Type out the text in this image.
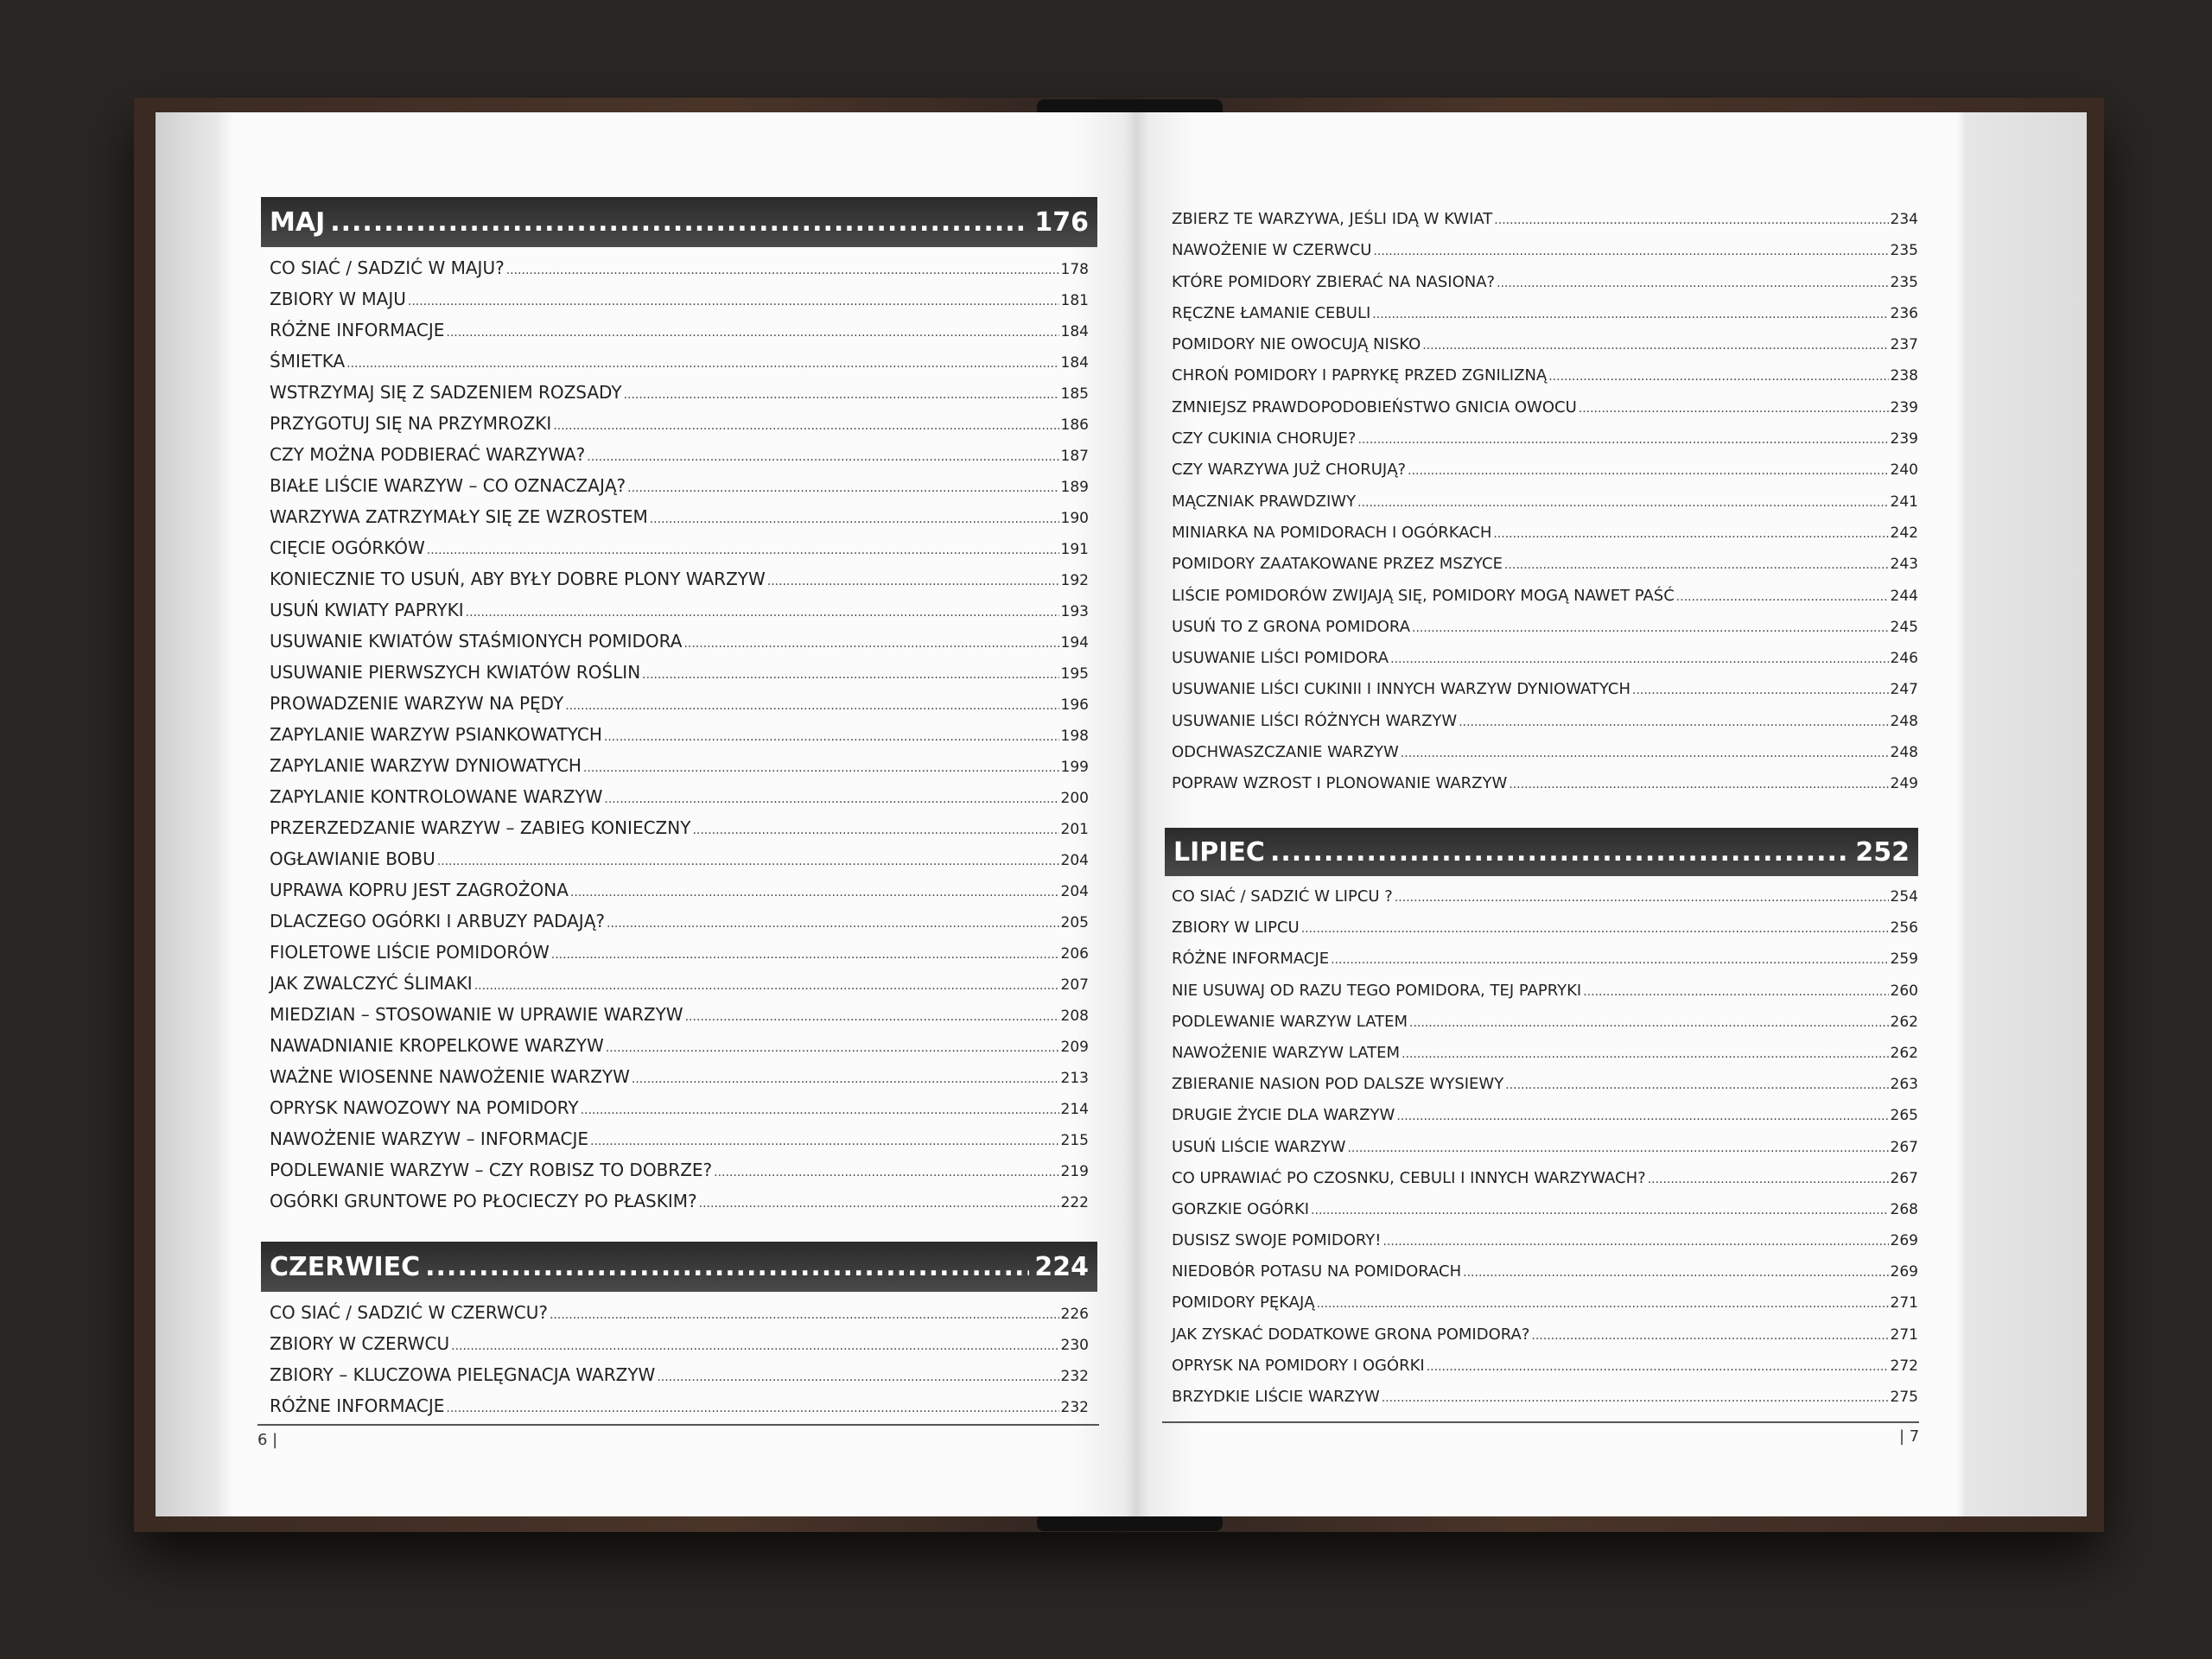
MAJ .....	176
CO SIAĆ / SADZIĆ W MAJU? .....	178
ZBIORY W MAJU .....	181
RÓŻNE INFORMACJE .....	184
ŚMIETKA .....	184
WSTRZYMAJ SIĘ Z SADZENIEM ROZSADY .....	185
PRZYGOTUJ SIĘ NA PRZYMROZKI .....	186
CZY MOŻNA PODBIERAĆ WARZYWA? .....	187
BIAŁE LIŚCIE WARZYW – CO OZNACZAJĄ? .....	189
WARZYWA ZATRZYMAŁY SIĘ ZE WZROSTEM .....	190
CIĘCIE OGÓRKÓW .....	191
KONIECZNIE TO USUŃ, ABY BYŁY DOBRE PLONY WARZYW .....	192
USUŃ KWIATY PAPRYKI .....	193
USUWANIE KWIATÓW STAŚMIONYCH POMIDORA .....	194
USUWANIE PIERWSZYCH KWIATÓW ROŚLIN .....	195
PROWADZENIE WARZYW NA PĘDY .....	196
ZAPYLANIE WARZYW PSIANKOWATYCH .....	198
ZAPYLANIE WARZYW DYNIOWATYCH .....	199
ZAPYLANIE KONTROLOWANE WARZYW .....	200
PRZERZEDZANIE WARZYW – ZABIEG KONIECZNY .....	201
OGŁAWIANIE BOBU .....	204
UPRAWA KOPRU JEST ZAGROŻONA .....	204
DLACZEGO OGÓRKI I ARBUZY PADAJĄ? .....	205
FIOLETOWE LIŚCIE POMIDORÓW .....	206
JAK ZWALCZYĆ ŚLIMAKI .....	207
MIEDZIAN – STOSOWANIE W UPRAWIE WARZYW .....	208
NAWADNIANIE KROPELKOWE WARZYW .....	209
WAŻNE WIOSENNE NAWOŻENIE WARZYW .....	213
OPRYSK NAWOZOWY NA POMIDORY .....	214
NAWOŻENIE WARZYW – INFORMACJE .....	215
PODLEWANIE WARZYW – CZY ROBISZ TO DOBRZE? .....	219
OGÓRKI GRUNTOWE PO PŁOCIECZY PO PŁASKIM? .....	222
CZERWIEC .....	224
CO SIAĆ / SADZIĆ W CZERWCU? .....	226
ZBIORY W CZERWCU .....	230
ZBIORY – KLUCZOWA PIELĘGNACJA WARZYW .....	232
RÓŻNE INFORMACJE .....	232
6 |
ZBIERZ TE WARZYWA, JEŚLI IDĄ W KWIAT .....	234
NAWOŻENIE W CZERWCU .....	235
KTÓRE POMIDORY ZBIERAĆ NA NASIONA? .....	235
RĘCZNE ŁAMANIE CEBULI .....	236
POMIDORY NIE OWOCUJĄ NISKO .....	237
CHROŃ POMIDORY I PAPRYKĘ PRZED ZGNILIZNĄ .....	238
ZMNIEJSZ PRAWDOPODOBIEŃSTWO GNICIA OWOCU .....	239
CZY CUKINIA CHORUJE? .....	239
CZY WARZYWA JUŻ CHORUJĄ? .....	240
MĄCZNIAK PRAWDZIWY .....	241
MINIARKA NA POMIDORACH I OGÓRKACH .....	242
POMIDORY ZAATAKOWANE PRZEZ MSZYCE .....	243
LIŚCIE POMIDORÓW ZWIJAJĄ SIĘ, POMIDORY MOGĄ NAWET PAŚĆ .....	244
USUŃ TO Z GRONA POMIDORA .....	245
USUWANIE LIŚCI POMIDORA .....	246
USUWANIE LIŚCI CUKINII I INNYCH WARZYW DYNIOWATYCH .....	247
USUWANIE LIŚCI RÓŻNYCH WARZYW .....	248
ODCHWASZCZANIE WARZYW .....	248
POPRAW WZROST I PLONOWANIE WARZYW .....	249
LIPIEC .....	252
CO SIAĆ / SADZIĆ W LIPCU ? .....	254
ZBIORY W LIPCU .....	256
RÓŻNE INFORMACJE .....	259
NIE USUWAJ OD RAZU TEGO POMIDORA, TEJ PAPRYKI .....	260
PODLEWANIE WARZYW LATEM .....	262
NAWOŻENIE WARZYW LATEM .....	262
ZBIERANIE NASION POD DALSZE WYSIEWY .....	263
DRUGIE ŻYCIE DLA WARZYW .....	265
USUŃ LIŚCIE WARZYW .....	267
CO UPRAWIAĆ PO CZOSNKU, CEBULI I INNYCH WARZYWACH? .....	267
GORZKIE OGÓRKI .....	268
DUSISZ SWOJE POMIDORY! .....	269
NIEDOBÓR POTASU NA POMIDORACH .....	269
POMIDORY PĘKAJĄ .....	271
JAK ZYSKAĆ DODATKOWE GRONA POMIDORA? .....	271
OPRYSK NA POMIDORY I OGÓRKI .....	272
BRZYDKIE LIŚCIE WARZYW .....	275
| 7
